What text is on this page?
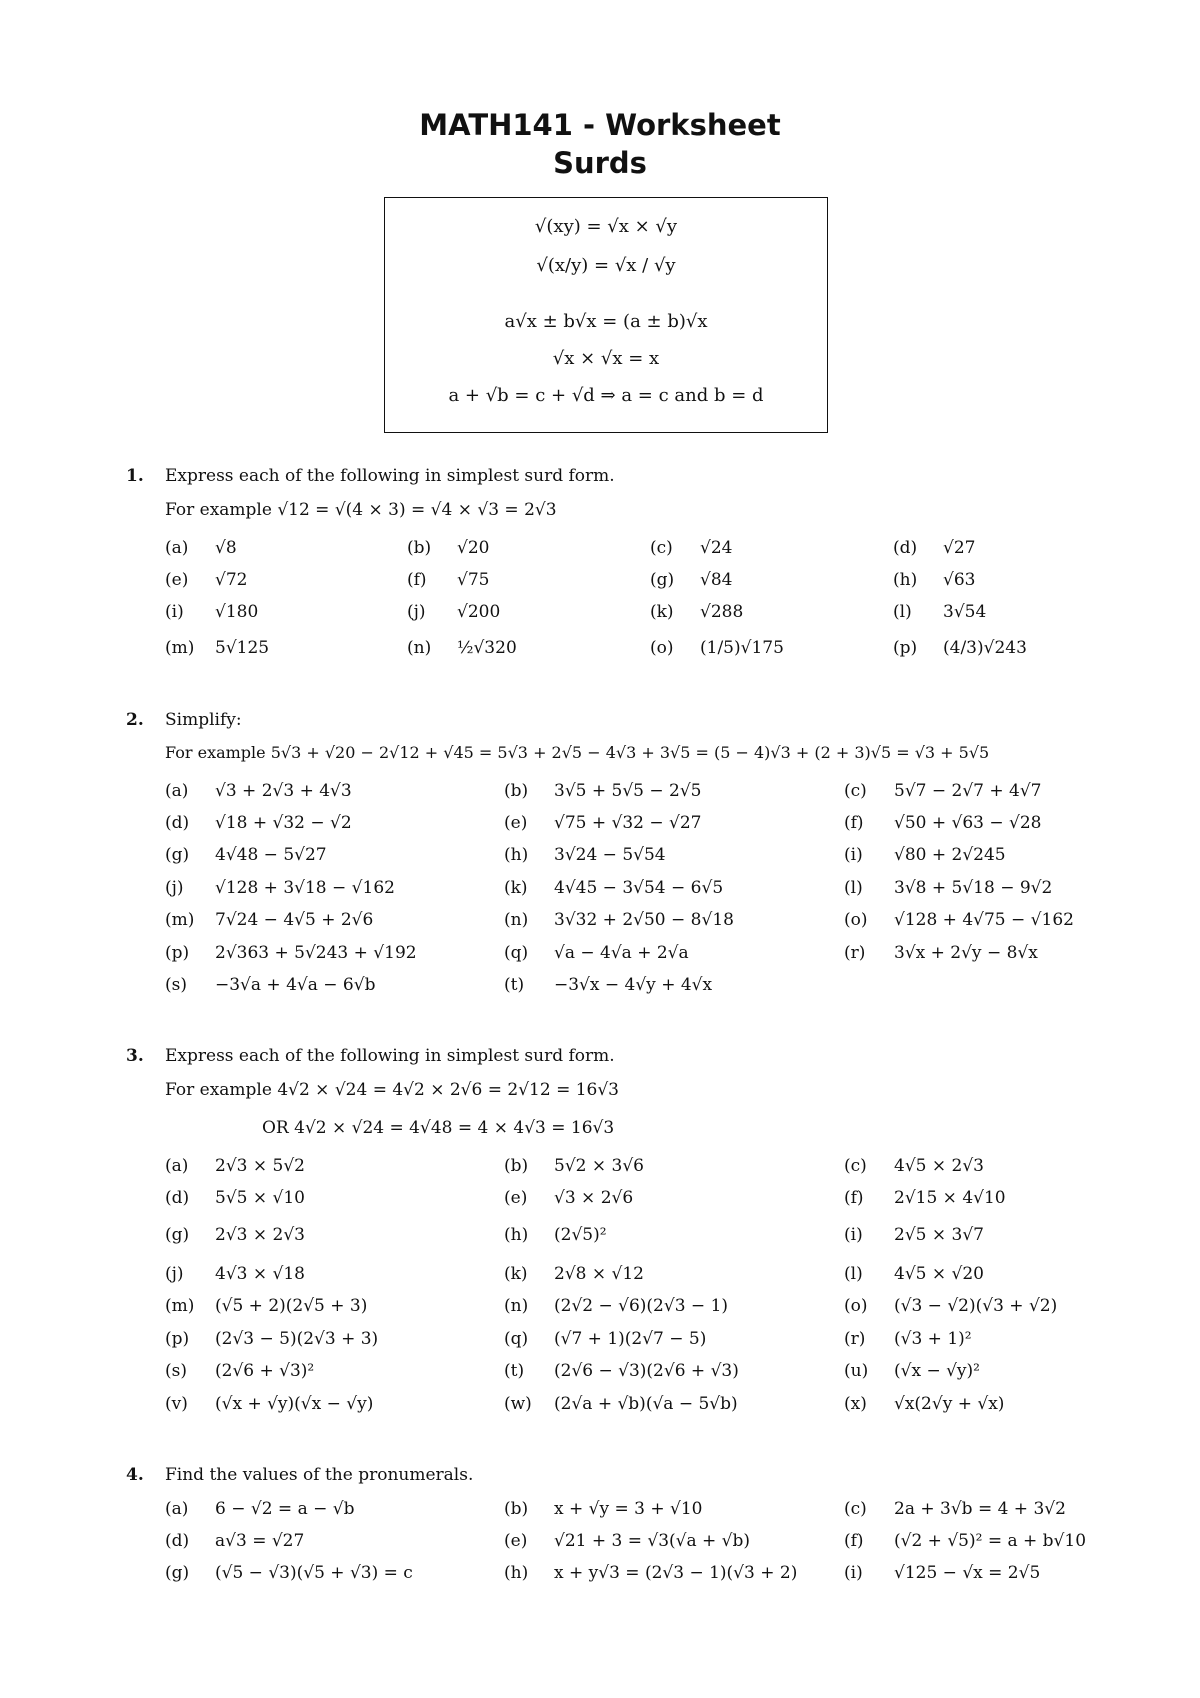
MATH141 - Worksheet
Surds
√(xy) = √x × √y
√(x/y) = √x / √y
a√x ± b√x = (a ± b)√x
√x × √x = x
a + √b = c + √d ⇒ a = c and b = d
1. Express each of the following in simplest surd form.
For example √12 = √(4 × 3) = √4 × √3 = 2√3
(a) √8	(b) √20	(c) √24	(d) √27
(e) √72	(f) √75	(g) √84	(h) √63
(i) √180	(j) √200	(k) √288	(l) 3√54
(m) 5√125	(n) ½√320	(o) (1/5)√175	(p) (4/3)√243
2. Simplify:
For example 5√3 + √20 − 2√12 + √45 = 5√3 + 2√5 − 4√3 + 3√5 = (5 − 4)√3 + (2 + 3)√5 = √3 + 5√5
(a) √3 + 2√3 + 4√3	(b) 3√5 + 5√5 − 2√5	(c) 5√7 − 2√7 + 4√7
(d) √18 + √32 − √2	(e) √75 + √32 − √27	(f) √50 + √63 − √28
(g) 4√48 − 5√27	(h) 3√24 − 5√54	(i) √80 + 2√245
(j) √128 + 3√18 − √162	(k) 4√45 − 3√54 − 6√5	(l) 3√8 + 5√18 − 9√2
(m) 7√24 − 4√5 + 2√6	(n) 3√32 + 2√50 − 8√18	(o) √128 + 4√75 − √162
(p) 2√363 + 5√243 + √192	(q) √a − 4√a + 2√a	(r) 3√x + 2√y − 8√x
(s) −3√a + 4√a − 6√b	(t) −3√x − 4√y + 4√x
3. Express each of the following in simplest surd form.
For example 4√2 × √24 = 4√2 × 2√6 = 2√12 = 16√3
OR 4√2 × √24 = 4√48 = 4 × 4√3 = 16√3
(a) 2√3 × 5√2	(b) 5√2 × 3√6	(c) 4√5 × 2√3
(d) 5√5 × √10	(e) √3 × 2√6	(f) 2√15 × 4√10
(g) 2√3 × 2√3	(h) (2√5)²	(i) 2√5 × 3√7
(j) 4√3 × √18	(k) 2√8 × √12	(l) 4√5 × √20
(m) (√5 + 2)(2√5 + 3)	(n) (2√2 − √6)(2√3 − 1)	(o) (√3 − √2)(√3 + √2)
(p) (2√3 − 5)(2√3 + 3)	(q) (√7 + 1)(2√7 − 5)	(r) (√3 + 1)²
(s) (2√6 + √3)²	(t) (2√6 − √3)(2√6 + √3)	(u) (√x − √y)²
(v) (√x + √y)(√x − √y)	(w) (2√a + √b)(√a − 5√b)	(x) √x(2√y + √x)
4. Find the values of the pronumerals.
(a) 6 − √2 = a − √b	(b) x + √y = 3 + √10	(c) 2a + 3√b = 4 + 3√2
(d) a√3 = √27	(e) √21 + 3 = √3(√a + √b)	(f) (√2 + √5)² = a + b√10
(g) (√5 − √3)(√5 + √3) = c	(h) x + y√3 = (2√3 − 1)(√3 + 2)	(i) √125 − √x = 2√5
